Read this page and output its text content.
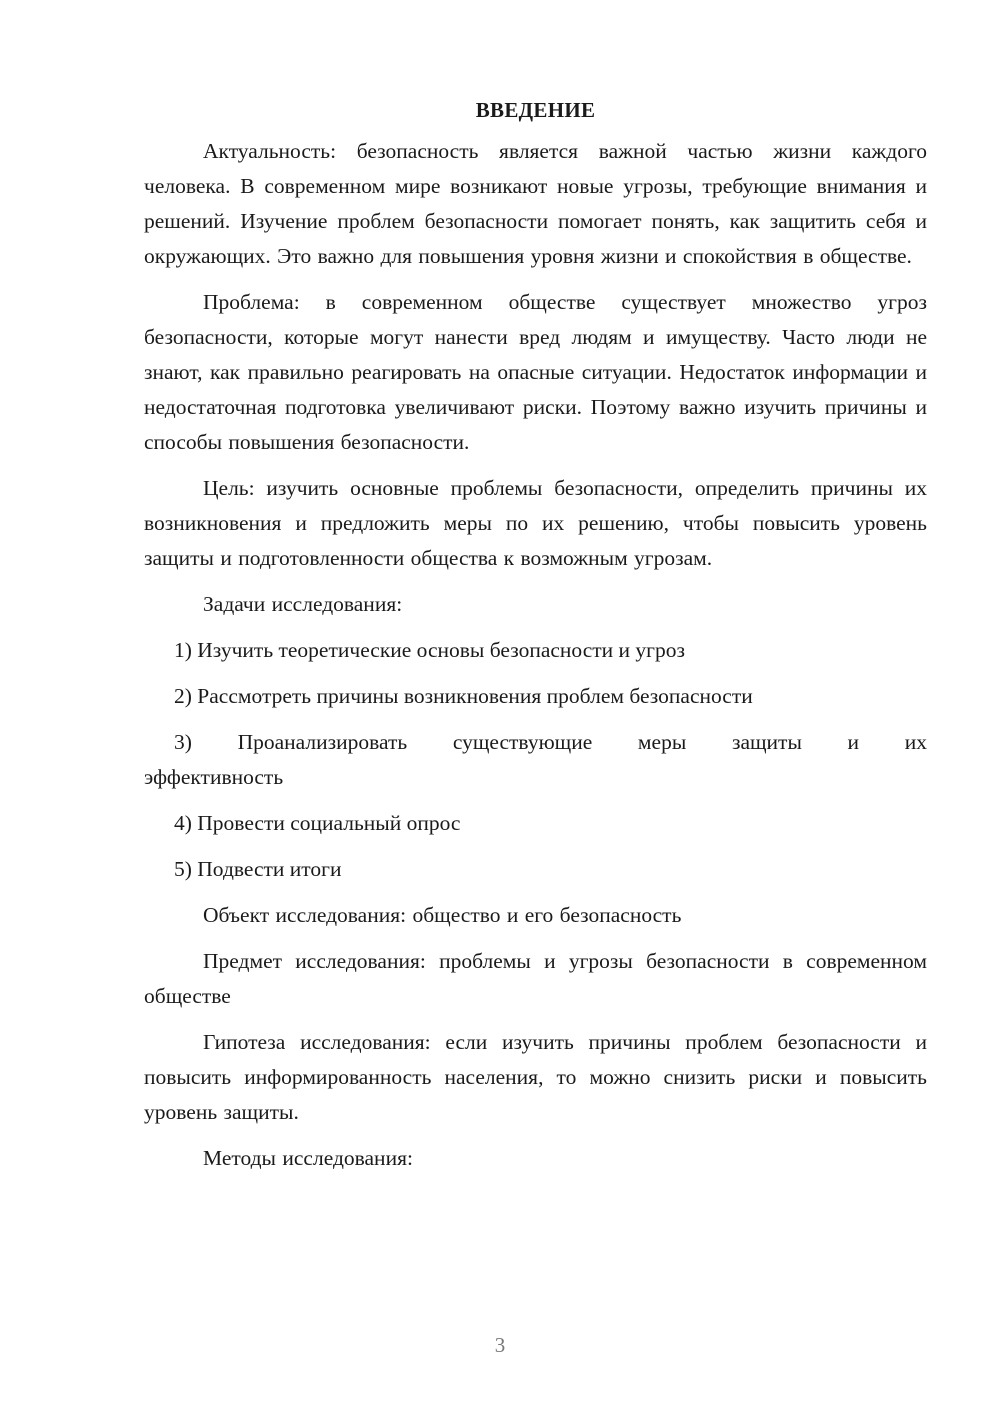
ВВЕДЕНИЕ

Актуальность: безопасность является важной частью жизни каждого человека. В современном мире возникают новые угрозы, требующие внимания и решений. Изучение проблем безопасности помогает понять, как защитить себя и окружающих. Это важно для повышения уровня жизни и спокойствия в обществе.

Проблема: в современном обществе существует множество угроз безопасности, которые могут нанести вред людям и имуществу. Часто люди не знают, как правильно реагировать на опасные ситуации. Недостаток информации и недостаточная подготовка увеличивают риски. Поэтому важно изучить причины и способы повышения безопасности.

Цель: изучить основные проблемы безопасности, определить причины их возникновения и предложить меры по их решению, чтобы повысить уровень защиты и подготовленности общества к возможным угрозам.

Задачи исследования:

1) Изучить теоретические основы безопасности и угроз

2) Рассмотреть причины возникновения проблем безопасности

3) Проанализировать существующие меры защиты и их эффективность

4) Провести социальный опрос

5) Подвести итоги

Объект исследования: общество и его безопасность

Предмет исследования: проблемы и угрозы безопасности в современном обществе

Гипотеза исследования: если изучить причины проблем безопасности и повысить информированность населения, то можно снизить риски и повысить уровень защиты.

Методы исследования:

3
